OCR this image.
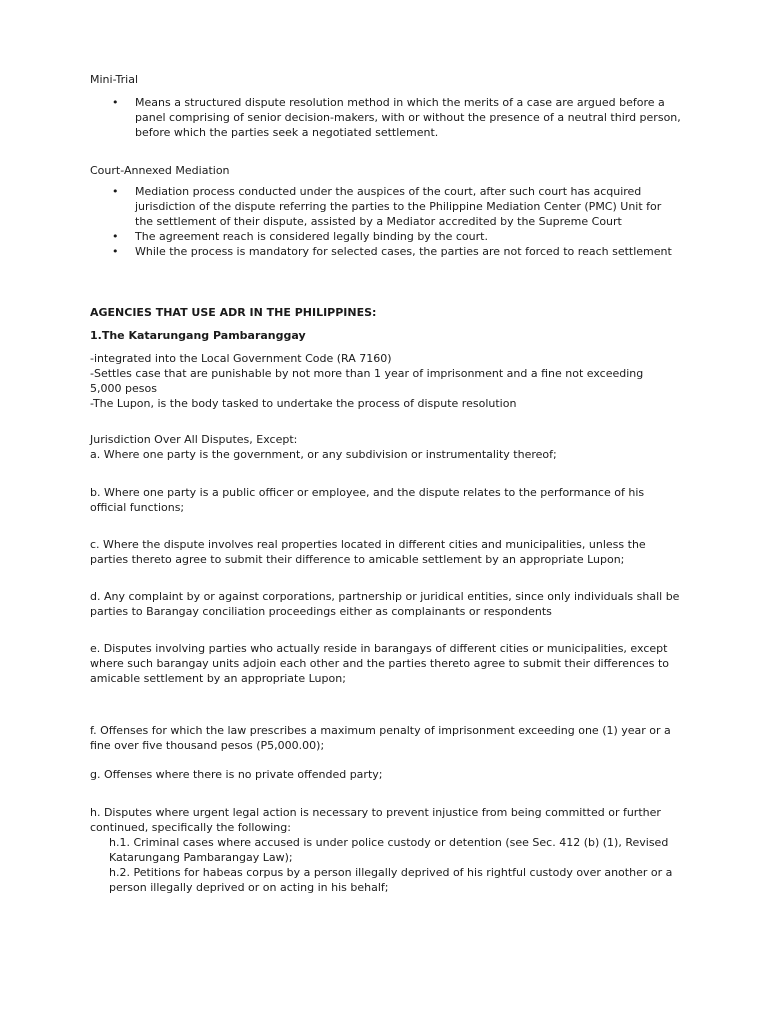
Mini-Trial

• Means a structured dispute resolution method in which the merits of a case are argued before a panel comprising of senior decision-makers, with or without the presence of a neutral third person, before which the parties seek a negotiated settlement.

Court-Annexed Mediation

• Mediation process conducted under the auspices of the court, after such court has acquired jurisdiction of the dispute referring the parties to the Philippine Mediation Center (PMC) Unit for the settlement of their dispute, assisted by a Mediator accredited by the Supreme Court
• The agreement reach is considered legally binding by the court.
• While the process is mandatory for selected cases, the parties are not forced to reach settlement

AGENCIES THAT USE ADR IN THE PHILIPPINES:

1.The Katarungang Pambaranggay

-integrated into the Local Government Code (RA 7160)

-Settles case that are punishable by not more than 1 year of imprisonment and a fine not exceeding 5,000 pesos

-The Lupon, is the body tasked to undertake the process of dispute resolution

Jurisdiction Over All Disputes, Except:

a. Where one party is the government, or any subdivision or instrumentality thereof;

b. Where one party is a public officer or employee, and the dispute relates to the performance of his official functions;

c. Where the dispute involves real properties located in different cities and municipalities, unless the parties thereto agree to submit their difference to amicable settlement by an appropriate Lupon;

d. Any complaint by or against corporations, partnership or juridical entities, since only individuals shall be parties to Barangay conciliation proceedings either as complainants or respondents

e. Disputes involving parties who actually reside in barangays of different cities or municipalities, except where such barangay units adjoin each other and the parties thereto agree to submit their differences to amicable settlement by an appropriate Lupon;

f. Offenses for which the law prescribes a maximum penalty of imprisonment exceeding one (1) year or a fine over five thousand pesos (P5,000.00);

g. Offenses where there is no private offended party;

h. Disputes where urgent legal action is necessary to prevent injustice from being committed or further continued, specifically the following:

h.1. Criminal cases where accused is under police custody or detention (see Sec. 412 (b) (1), Revised Katarungang Pambarangay Law);

h.2. Petitions for habeas corpus by a person illegally deprived of his rightful custody over another or a person illegally deprived or on acting in his behalf;
